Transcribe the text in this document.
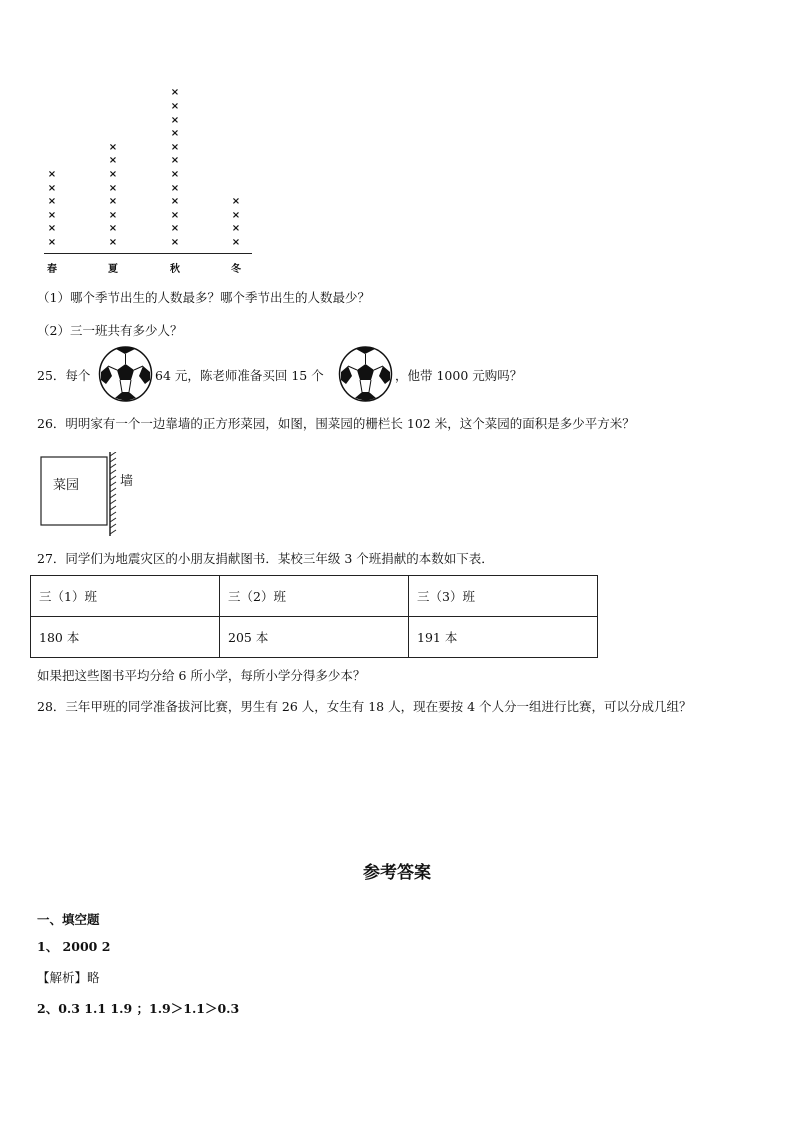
×
×
×
×
×
×
×
×
×
×
×
×
×
×
×
×
×
×
×
×
×
×
×
×
×
×
×
×
×
×
春	夏	秋	冬
（1）哪个季节出生的人数最多？哪个季节出生的人数最少？
（2）三一班共有多少人？
25．每个	64 元，陈老师准备买回 15 个	，他带 1000 元购吗？
26．明明家有一个一边靠墙的正方形菜园，如图，围菜园的栅栏长 102 米，这个菜园的面积是多少平方米？
菜园	墙
27．同学们为地震灾区的小朋友捐献图书．某校三年级 3 个班捐献的本数如下表．
三（1）班	三（2）班	三（3）班
180 本	205 本	191 本
如果把这些图书平均分给 6 所小学，每所小学分得多少本？
28．三年甲班的同学准备拔河比赛，男生有 26 人，女生有 18 人，现在要按 4 个人分一组进行比赛，可以分成几组？
参考答案
一、填空题
1、 2000 2
【解析】略
2、0.3 1.1 1.9 ；1.9＞1.1＞0.3
